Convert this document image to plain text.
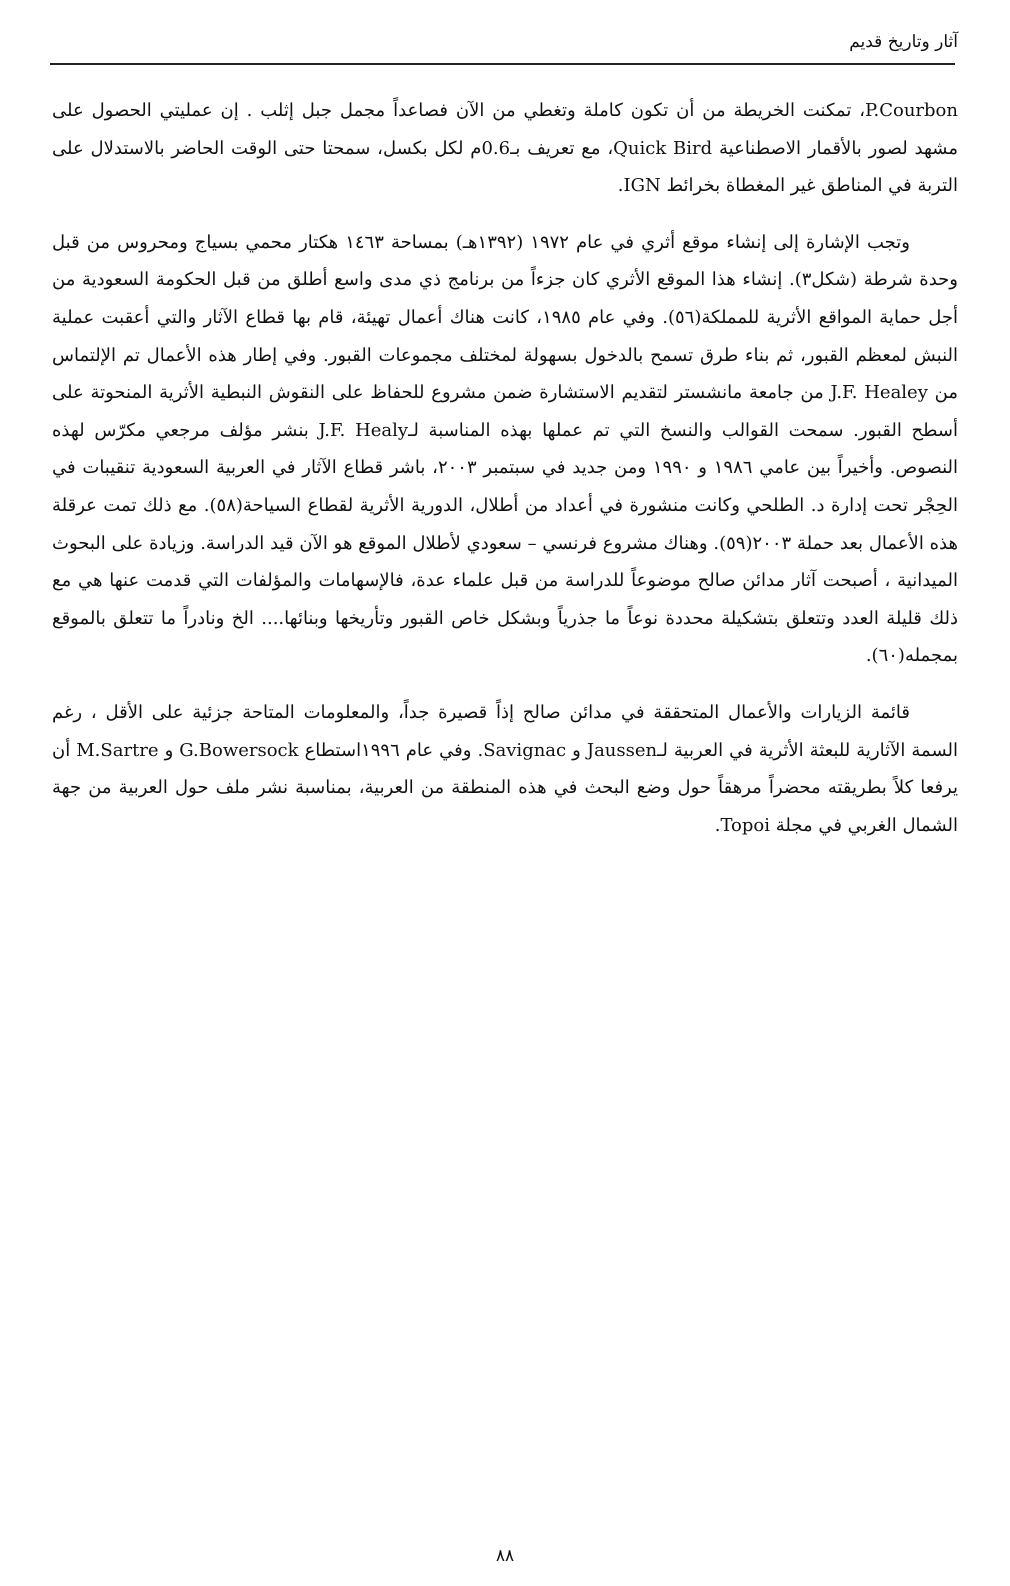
آثار وتاريخ قديم

P.Courbon، تمكنت الخريطة من أن تكون كاملة وتغطي من الآن فصاعداً مجمل جبل إثلب . إن عمليتي الحصول على مشهد لصور بالأقمار الاصطناعية Quick Bird، مع تعريف بـ0.6م لكل بكسل، سمحتا حتى الوقت الحاضر بالاستدلال على التربة في المناطق غير المغطاة بخرائط IGN.

وتجب الإشارة إلى إنشاء موقع أثري في عام ١٩٧٢ (١٣٩٢هـ) بمساحة ١٤٦٣ هكتار محمي بسياج ومحروس من قبل وحدة شرطة (شكل٣). إنشاء هذا الموقع الأثري كان جزءاً من برنامج ذي مدى واسع أطلق من قبل الحكومة السعودية من أجل حماية المواقع الأثرية للمملكة(٥٦). وفي عام ١٩٨٥، كانت هناك أعمال تهيئة، قام بها قطاع الآثار والتي أعقبت عملية النبش لمعظم القبور، ثم بناء طرق تسمح بالدخول بسهولة لمختلف مجموعات القبور. وفي إطار هذه الأعمال تم الإلتماس من J.F. Healey من جامعة مانشستر لتقديم الاستشارة ضمن مشروع للحفاظ على النقوش النبطية الأثرية المنحوتة على أسطح القبور. سمحت القوالب والنسخ التي تم عملها بهذه المناسبة لـJ.F. Healy بنشر مؤلف مرجعي مكرّس لهذه النصوص. وأخيراً بين عامي ١٩٨٦ و ١٩٩٠ ومن جديد في سبتمبر ٢٠٠٣، باشر قطاع الآثار في العربية السعودية تنقيبات في الحِجْر تحت إدارة د. الطلحي وكانت منشورة في أعداد من أطلال، الدورية الأثرية لقطاع السياحة(٥٨). مع ذلك تمت عرقلة هذه الأعمال بعد حملة ٢٠٠٣(٥٩). وهناك مشروع فرنسي – سعودي لأطلال الموقع هو الآن قيد الدراسة. وزيادة على البحوث الميدانية ، أصبحت آثار مدائن صالح موضوعاً للدراسة من قبل علماء عدة، فالإسهامات والمؤلفات التي قدمت عنها هي مع ذلك قليلة العدد وتتعلق بتشكيلة محددة نوعاً ما جذرياً وبشكل خاص القبور وتأريخها وبنائها.... الخ ونادراً ما تتعلق بالموقع بمجمله(٦٠).

قائمة الزيارات والأعمال المتحققة في مدائن صالح إذاً قصيرة جداً، والمعلومات المتاحة جزئية على الأقل ، رغم السمة الآثارية للبعثة الأثرية في العربية لـJaussen و Savignac. وفي عام ١٩٩٦استطاع G.Bowersock و M.Sartre أن يرفعا كلاً بطريقته محضراً مرهقاً حول وضع البحث في هذه المنطقة من العربية، بمناسبة نشر ملف حول العربية من جهة الشمال الغربي في مجلة Topoi.

٨٨
